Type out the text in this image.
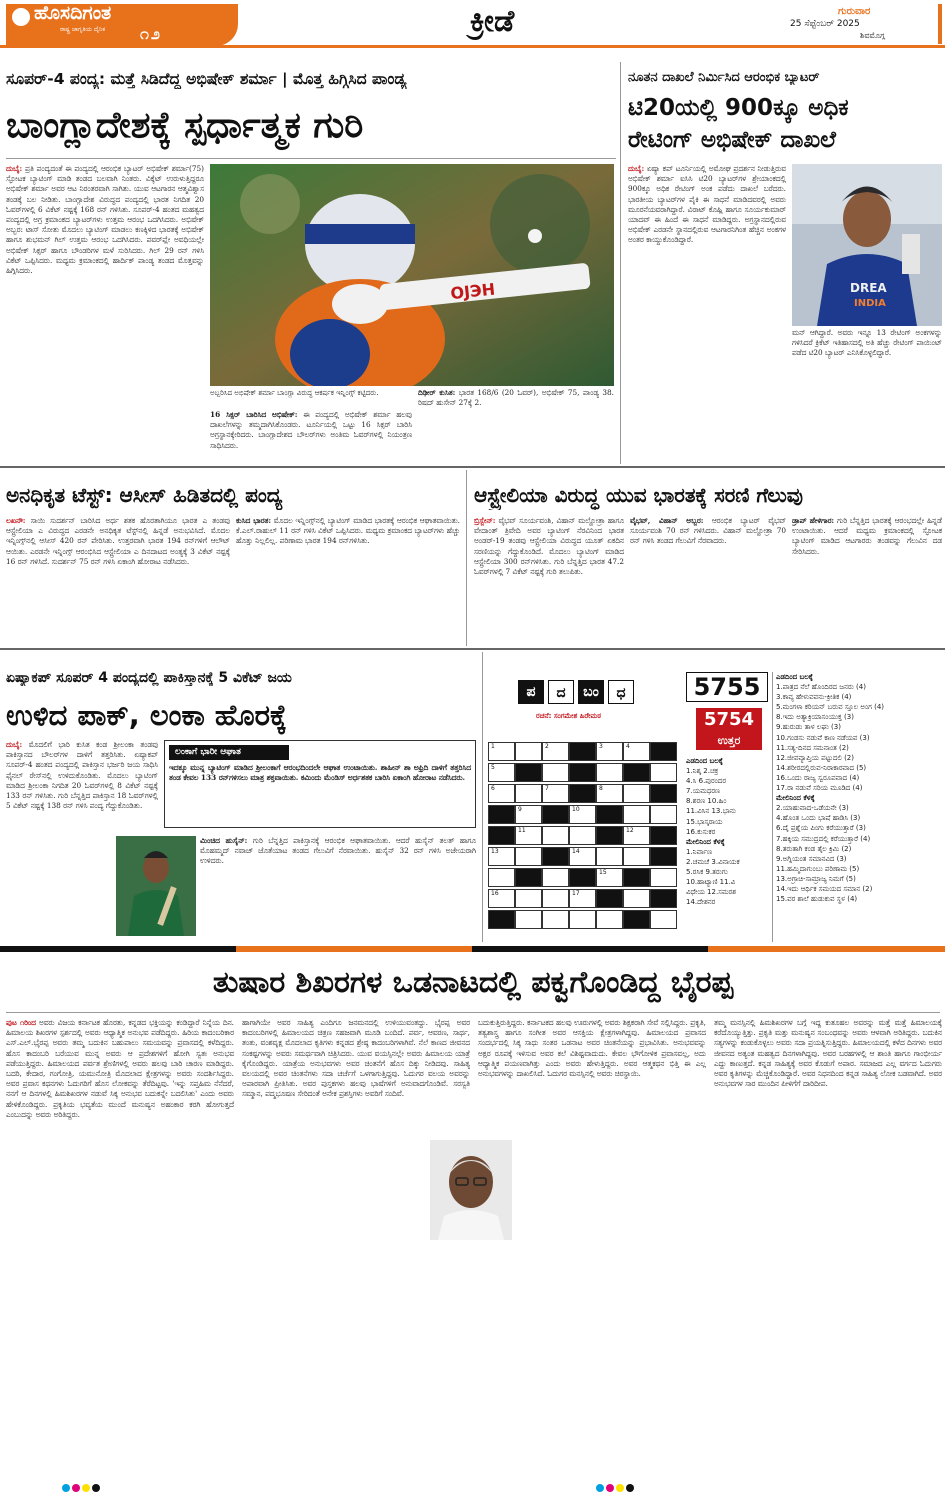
ಹೊಸದಿಗಂತ
ರಾಷ್ಟ್ರ ಜಾಗೃತಿಯ ದೈನಿಕ ೧೨	ಕ್ರೀಡೆ	ಗುರುವಾರ
25 ಸೆಪ್ಟೆಂಬರ್ 2025
ಶಿವಮೊಗ್ಗ
ಸೂಪರ್-4 ಪಂದ್ಯ: ಮತ್ತೆ ಸಿಡಿದೆದ್ದ ಅಭಿಷೇಕ್ ಶರ್ಮಾ | ಮೊತ್ತ ಹಿಗ್ಗಿಸಿದ ಪಾಂಡ್ಯ
ಬಾಂಗ್ಲಾದೇಶಕ್ಕೆ ಸ್ಪರ್ಧಾತ್ಮಕ ಗುರಿ
ದುಬೈ: ಪ್ರತಿ ಪಂದ್ಯದಂತೆ ಈ ಪಂದ್ಯದಲ್ಲಿ ಆರಂಭಿಕ ಬ್ಯಾಟರ್ ಅಭಿಷೇಕ್ ಶರ್ಮಾ(75) ಸ್ಫೋಟಕ ಬ್ಯಾಟಿಂಗ್ ಮಾಡಿ ತಂಡದ ಬಲವಾಗಿ ನಿಂತರು. ವಿಕ್ಕೆಟ್ ಉರುಳುತ್ತಿದ್ದರೂ ಅಭಿಷೇಕ್ ಶರ್ಮಾ ಅವರ ಆಟ ನಿರಂತರವಾಗಿ ಸಾಗಿತು. ಯುವ ಆಟಗಾರನ ಆತ್ಮವಿಶ್ವಾಸ ತಂಡಕ್ಕೆ ಬಲ ನೀಡಿತು. ಬಾಂಗ್ಲಾದೇಶ ವಿರುದ್ಧದ ಪಂದ್ಯದಲ್ಲಿ ಭಾರತ ನಿಗದಿತ 20 ಓವರ್‌ಗಳಲ್ಲಿ 6 ವಿಕೆಟ್ ನಷ್ಟಕ್ಕೆ 168 ರನ್ ಗಳಿಸಿತು. ಸೂಪರ್-4 ಹಂತದ ಮಹತ್ವದ ಪಂದ್ಯದಲ್ಲಿ ಅಗ್ರ ಕ್ರಮಾಂಕದ ಬ್ಯಾಟರ್‌ಗಳು ಉತ್ತಮ ಆರಂಭ ಒದಗಿಸಿದರು. ಅಭಿಷೇಕ್ ಅಬ್ಬರ: ಟಾಸ್ ಸೋತು ಮೊದಲು ಬ್ಯಾಟಿಂಗ್ ಮಾಡಲು ಕಣಕ್ಕಿಳಿದ ಭಾರತಕ್ಕೆ ಅಭಿಷೇಕ್ ಹಾಗೂ ಶುಭಮನ್ ಗಿಲ್ ಉತ್ತಮ ಆರಂಭ ಒದಗಿಸಿದರು. ಪವರ್‌ಪ್ಲೇ ಅವಧಿಯಲ್ಲೇ ಅಭಿಷೇಕ್ ಸಿಕ್ಸರ್ ಹಾಗೂ ಬೌಂಡರಿಗಳ ಮಳೆ ಸುರಿಸಿದರು. ಗಿಲ್ 29 ರನ್ ಗಳಿಸಿ ವಿಕೆಟ್ ಒಪ್ಪಿಸಿದರು. ಮಧ್ಯಮ ಕ್ರಮಾಂಕದಲ್ಲಿ ಹಾರ್ದಿಕ್ ಪಾಂಡ್ಯ ತಂಡದ ಮೊತ್ತವನ್ನು ಹಿಗ್ಗಿಸಿದರು.
OJЭH
ಅಬ್ಬರಿಸಿದ ಅಭಿಷೇಕ್ ಶರ್ಮಾ ಬಾಂಗ್ಲಾ ವಿರುದ್ಧ ಆಕರ್ಷಕ ಇನ್ನಿಂಗ್ಸ್ ಕಟ್ಟಿದರು.
16 ಸಿಕ್ಸರ್ ಬಾರಿಸಿದ ಅಭಿಷೇಕ್: ಈ ಪಂದ್ಯದಲ್ಲಿ ಅಭಿಷೇಕ್ ಶರ್ಮಾ ಹಲವು ದಾಖಲೆಗಳನ್ನು ತಮ್ಮದಾಗಿಸಿಕೊಂಡರು. ಟೂರ್ನಿಯಲ್ಲಿ ಒಟ್ಟು 16 ಸಿಕ್ಸರ್ ಬಾರಿಸಿ ಅಗ್ರಸ್ಥಾನಕ್ಕೇರಿದರು. ಬಾಂಗ್ಲಾದೇಶದ ಬೌಲರ್‌ಗಳು ಅಂತಿಮ ಓವರ್‌ಗಳಲ್ಲಿ ನಿಯಂತ್ರಣ ಸಾಧಿಸಿದರು.
ದಿಢೀರ್ ಕುಸಿತ: ಭಾರತ 168/6 (20 ಓವರ್), ಅಭಿಷೇಕ್ 75, ಪಾಂಡ್ಯ 38. ರಿಷದ್ ಹುಸೇನ್ 27ಕ್ಕೆ 2.
ನೂತನ ದಾಖಲೆ ನಿರ್ಮಿಸಿದ ಆರಂಭಿಕ ಬ್ಯಾಟರ್
ಟಿ20ಯಲ್ಲಿ 900ಕ್ಕೂ ಅಧಿಕ
ರೇಟಿಂಗ್ ಅಭಿಷೇಕ್ ದಾಖಲೆ
ದುಬೈ: ಏಷ್ಯಾ ಕಪ್ ಟೂರ್ನಿಯಲ್ಲಿ ಅಮೋಘ ಪ್ರದರ್ಶನ ನೀಡುತ್ತಿರುವ ಅಭಿಷೇಕ್ ಶರ್ಮಾ ಐಸಿಸಿ ಟಿ20 ಬ್ಯಾಟರ್‌ಗಳ ಶ್ರೇಯಾಂಕದಲ್ಲಿ 900ಕ್ಕೂ ಅಧಿಕ ರೇಟಿಂಗ್ ಅಂಕ ಪಡೆದು ದಾಖಲೆ ಬರೆದರು. ಭಾರತೀಯ ಬ್ಯಾಟರ್‌ಗಳ ಪೈಕಿ ಈ ಸಾಧನೆ ಮಾಡಿದವರಲ್ಲಿ ಅವರು ಮೂರನೆಯವರಾಗಿದ್ದಾರೆ. ವಿರಾಟ್ ಕೊಹ್ಲಿ ಹಾಗೂ ಸೂರ್ಯಕುಮಾರ್ ಯಾದವ್ ಈ ಹಿಂದೆ ಈ ಸಾಧನೆ ಮಾಡಿದ್ದರು. ಅಗ್ರಸ್ಥಾನದಲ್ಲಿರುವ ಅಭಿಷೇಕ್ ಎರಡನೇ ಸ್ಥಾನದಲ್ಲಿರುವ ಆಟಗಾರನಿಗಿಂತ ಹೆಚ್ಚಿನ ಅಂಕಗಳ ಅಂತರ ಕಾಯ್ದುಕೊಂಡಿದ್ದಾರೆ.
DREA
INDIA
ಮನ್ ಆಗಿದ್ದಾರೆ. ಅವರು ಇನ್ನೂ 13 ರೇಟಿಂಗ್ ಅಂಕಗಳನ್ನು ಗಳಿಸಿದರೆ ಕ್ರಿಕೆಟ್ ಇತಿಹಾಸದಲ್ಲಿ ಅತಿ ಹೆಚ್ಚು ರೇಟಿಂಗ್ ಪಾಯಿಂಟ್ ಪಡೆದ ಟಿ20 ಬ್ಯಾಟರ್ ಎನಿಸಿಕೊಳ್ಳಲಿದ್ದಾರೆ.
ಅನಧಿಕೃತ ಟೆಸ್ಟ್: ಆಸೀಸ್ ಹಿಡಿತದಲ್ಲಿ ಪಂದ್ಯ
ಲಖನೌ: ಸಾಯಿ ಸುದರ್ಶನ್ ಬಾರಿಸಿದ ಅರ್ಧ ಶತಕ ಹೊರತಾಗಿಯೂ ಭಾರತ ಎ ತಂಡವು ಆಸ್ಟ್ರೇಲಿಯಾ ಎ ವಿರುದ್ಧದ ಎರಡನೇ ಅನಧಿಕೃತ ಟೆಸ್ಟ್‌ನಲ್ಲಿ ಹಿನ್ನಡೆ ಅನುಭವಿಸಿದೆ. ಮೊದಲ ಇನ್ನಿಂಗ್ಸ್‌ನಲ್ಲಿ ಆಸೀಸ್ 420 ರನ್ ಪೇರಿಸಿತು. ಉತ್ತರವಾಗಿ ಭಾರತ 194 ರನ್‌ಗಳಿಗೆ ಆಲೌಟ್ ಆಯಿತು. ಎರಡನೇ ಇನ್ನಿಂಗ್ಸ್ ಆರಂಭಿಸಿದ ಆಸ್ಟ್ರೇಲಿಯಾ ಎ ದಿನದಾಟದ ಅಂತ್ಯಕ್ಕೆ 3 ವಿಕೆಟ್ ನಷ್ಟಕ್ಕೆ 16 ರನ್ ಗಳಿಸಿದೆ. ಸುದರ್ಶನ್ 75 ರನ್ ಗಳಿಸಿ ಏಕಾಂಗಿ ಹೋರಾಟ ನಡೆಸಿದರು.
ಕುಸಿದ ಭಾರತ: ಮೊದಲ ಇನ್ನಿಂಗ್ಸ್‌ನಲ್ಲಿ ಬ್ಯಾಟಿಂಗ್ ಮಾಡಿದ ಭಾರತಕ್ಕೆ ಆರಂಭಿಕ ಆಘಾತವಾಯಿತು. ಕೆ.ಎಲ್.ರಾಹುಲ್ 11 ರನ್ ಗಳಿಸಿ ವಿಕೆಟ್ ಒಪ್ಪಿಸಿದರು. ಮಧ್ಯಮ ಕ್ರಮಾಂಕದ ಬ್ಯಾಟರ್‌ಗಳು ಹೆಚ್ಚು ಹೊತ್ತು ನಿಲ್ಲಲಿಲ್ಲ. ಪರಿಣಾಮ ಭಾರತ 194 ರನ್‌ಗಳಿಸಿತು.
ಆಸ್ಟ್ರೇಲಿಯಾ ವಿರುದ್ಧ ಯುವ ಭಾರತಕ್ಕೆ ಸರಣಿ ಗೆಲುವು
ಬ್ರಿಸ್ಬೇನ್: ವೈಭವ್ ಸೂರ್ಯವಂಶಿ, ವಿಹಾನ್ ಮಲ್ಹೋತ್ರಾ ಹಾಗೂ ವೇದಾಂತ್ ತ್ರಿವೇದಿ ಅವರ ಬ್ಯಾಟಿಂಗ್ ನೆರವಿನಿಂದ ಭಾರತ ಅಂಡರ್-19 ತಂಡವು ಆಸ್ಟ್ರೇಲಿಯಾ ವಿರುದ್ಧದ ಯೂತ್ ಏಕದಿನ ಸರಣಿಯನ್ನು ಗೆದ್ದುಕೊಂಡಿದೆ. ಮೊದಲು ಬ್ಯಾಟಿಂಗ್ ಮಾಡಿದ ಆಸ್ಟ್ರೇಲಿಯಾ 300 ರನ್‌ಗಳಿಸಿತು. ಗುರಿ ಬೆನ್ನತ್ತಿದ ಭಾರತ 47.2 ಓವರ್‌ಗಳಲ್ಲಿ 7 ವಿಕೆಟ್ ನಷ್ಟಕ್ಕೆ ಗುರಿ ತಲುಪಿತು.
ವೈಭವ್, ವಿಹಾನ್ ಅಬ್ಬರ: ಆರಂಭಿಕ ಬ್ಯಾಟರ್ ವೈಭವ್ ಸೂರ್ಯವಂಶಿ 70 ರನ್ ಗಳಿಸಿದರು. ವಿಹಾನ್ ಮಲ್ಹೋತ್ರಾ 70 ರನ್ ಗಳಿಸಿ ತಂಡದ ಗೆಲುವಿಗೆ ನೆರವಾದರು.
ಡ್ರಾಪ್ ಹೇಳಿಗಾರ: ಗುರಿ ಬೆನ್ನತ್ತಿದ ಭಾರತಕ್ಕೆ ಆರಂಭದಲ್ಲೇ ಹಿನ್ನಡೆ ಉಂಟಾಯಿತು. ಆದರೆ ಮಧ್ಯಮ ಕ್ರಮಾಂಕದಲ್ಲಿ ಸ್ಫೋಟಕ ಬ್ಯಾಟಿಂಗ್ ಮಾಡಿದ ಆಟಗಾರರು ತಂಡವನ್ನು ಗೆಲುವಿನ ದಡ ಸೇರಿಸಿದರು.
ಏಷ್ಯಾಕಪ್ ಸೂಪರ್ 4 ಪಂದ್ಯದಲ್ಲಿ ಪಾಕಿಸ್ತಾನಕ್ಕೆ 5 ವಿಕೆಟ್ ಜಯ
ಉಳಿದ ಪಾಕ್, ಲಂಕಾ ಹೊರಕ್ಕೆ
ದುಬೈ: ಮೊದಲಿಗೆ ಭಾರಿ ಕುಸಿತ ಕಂಡ ಶ್ರೀಲಂಕಾ ತಂಡವು ಪಾಕಿಸ್ತಾನದ ಬೌಲರ್‌ಗಳ ದಾಳಿಗೆ ತತ್ತರಿಸಿತು. ಏಷ್ಯಾಕಪ್ ಸೂಪರ್-4 ಹಂತದ ಪಂದ್ಯದಲ್ಲಿ ಪಾಕಿಸ್ತಾನ ಭರ್ಜರಿ ಜಯ ಸಾಧಿಸಿ ಫೈನಲ್ ರೇಸ್‌ನಲ್ಲಿ ಉಳಿದುಕೊಂಡಿತು. ಮೊದಲು ಬ್ಯಾಟಿಂಗ್ ಮಾಡಿದ ಶ್ರೀಲಂಕಾ ನಿಗದಿತ 20 ಓವರ್‌ಗಳಲ್ಲಿ 8 ವಿಕೆಟ್ ನಷ್ಟಕ್ಕೆ 133 ರನ್ ಗಳಿಸಿತು. ಗುರಿ ಬೆನ್ನತ್ತಿದ ಪಾಕಿಸ್ತಾನ 18 ಓವರ್‌ಗಳಲ್ಲಿ 5 ವಿಕೆಟ್ ನಷ್ಟಕ್ಕೆ 138 ರನ್ ಗಳಿಸಿ ಪಂದ್ಯ ಗೆದ್ದುಕೊಂಡಿತು.
ಲಂಕಾಗೆ ಭಾರೀ ಆಘಾತ
ಇದಕ್ಕೂ ಮುನ್ನ ಬ್ಯಾಟಿಂಗ್ ಮಾಡಿದ ಶ್ರೀಲಂಕಾಗೆ ಆರಂಭದಿಂದಲೇ ಆಘಾತ ಉಂಟಾಯಿತು. ಶಾಹೀನ್ ಶಾ ಅಫ್ರಿದಿ ದಾಳಿಗೆ ತತ್ತರಿಸಿದ ತಂಡ ಕೇವಲ 133 ರನ್‌ಗಳಿಸಲು ಮಾತ್ರ ಶಕ್ತವಾಯಿತು. ಕಮಿಂದು ಮೆಂಡಿಸ್ ಅರ್ಧಶತಕ ಬಾರಿಸಿ ಏಕಾಂಗಿ ಹೋರಾಟ ನಡೆಸಿದರು.
ಮಿಂಚಿದ ಹುಸೈನ್: ಗುರಿ ಬೆನ್ನತ್ತಿದ ಪಾಕಿಸ್ತಾನಕ್ಕೆ ಆರಂಭಿಕ ಆಘಾತವಾಯಿತು. ಆದರೆ ಹುಸೈನ್ ತಲತ್ ಹಾಗೂ ಮೊಹಮ್ಮದ್ ನವಾಜ್ ಜೊತೆಯಾಟ ತಂಡದ ಗೆಲುವಿಗೆ ನೆರವಾಯಿತು. ಹುಸೈನ್ 32 ರನ್ ಗಳಿಸಿ ಅಜೇಯರಾಗಿ ಉಳಿದರು.
ಪ	ದ	ಬಂ	ಧ
ರಚನೆ: ಸಂಗಮೇಶ ಹಿರೇಮಠ
5755
5754
ಉತ್ತರ
1	2	3	4
5
6	7	8
9	10
11	12
13	14
15
16	17
ಎಡದಿಂದ ಬಲಕ್ಕೆ
1.ನಿಶ್ಕ 2.ಚಕ್ರ
4.ಸಿ 6.ಪುರಂದರ
7.ಯಮಧರಣ
8.ಶರಣ 10.ಹಿಂ
11.ವಿಸಿನ 13.ಭಾನು
15.ಭಾಸ್ಕರಾಯ
16.ಕುಸುಕರ
ಮೇಲಿನಿಂದ ಕೆಳಕ್ಕೆ
1.ನಿರ್ವಾಣ
2.ಚಮಚೆ 3.ವಿನಾಯಕ
5.ರಸಿಕ 9.ತರುಗು
10.ಹಾಟ್ಯಾಣಿ 11.ವಿ
ವಿಧೇಯ 12.ಸಮರಶ
14.ದೇಶನರ
ಎಡದಿಂದ ಬಲಕ್ಕೆ
1.ಪಾತ್ರದ ನೆಲೆ ಹೊಂದಿರದ ಜನರು (4)
3.ಕಾವ್ಯ ಹೇಳುವವನು-ಕ್ರೀತಿಕ (4)
5.ಮಂಗಳಾ ಕರಿಯನ್ ಬರುವ ಸ್ತೂಲ ಅಂಗ (4)
8.ಇದು ಅತ್ಯಾಕ್ರಿಯಾಸಂಯುಕ್ತ (3)
9.ಹುರುಡು ತಾಳ ಲಘು (3)
10.ಗಂಡಸು ನಡುವೆ ಕಾಣ ನಡೆಯವ (3)
11.ಸತ್ಯ-ದಿನದ ಸಮನಾಂತ (2)
12.ಜೀವವ್ಯಾಪ್ತಿಯ ಪಟ್ಟುದಲಿ (2)
14.ಶರೀರದಲ್ಲಿರುವ-ನಿರಾಕಾರವಾದ (5)
16.ಒಂದು ರಾಜ್ಯ ಸ್ವರೂಪವಾದ (4)
17.ರಾ ನಡುವೆ ಸರಿಯ ಮೂಡಿದ (4)
ಮೇಲಿನಿಂದ ಕೆಳಕ್ಕೆ
2.ಯಾಹುವಾದ-ಒಡೆಯನೇ (3)
4.ಹೊಂತ ಒಂದು ಭಾಷೆ ಹಾಡಿಸಿ (3)
6.ದೈ ಪ್ರಶ್ನೆಯ ಪಿಂಗು ಕರೆಯುತ್ತಾರೆ (3)
7.ಹಕ್ಕಿಯ ಸಮುದ್ರದಲ್ಲಿ ಕರೆಯುತ್ತಾರೆ (4)
8.ತರುತಾಗಿ ಕಂಡ ತೈಲ ಕ್ರಿಮಿ (2)
9.ಅಗ್ನಿಯಂತ ಸಮಾನವಿದ (3)
11.ಹಮ್ಮಿದಾಗುಂಬು ಪರಿಣಾಮ (5)
13.ಅಗ್ರಾಚಿ-ಸಾಮ್ರಾಜ್ಯ ನಿಮಗೆ (5)
14.ಇದು ಆರ್ಥಿಕ ಸಮಯದ ಸಮಾನ (2)
15.ವರ ಶಾಲೆ ಹುಡುಕುವ ಸ್ಥಳ (4)
ತುಷಾರ ಶಿಖರಗಳ ಒಡನಾಟದಲ್ಲಿ ಪಕ್ವಗೊಂಡಿದ್ದ ಭೈರಪ್ಪ
ಪುಟ ೧ರಿಂದ ಅವರು ವಿಜಯ ಕರ್ನಾಟಕ ಹೊರತು, ಕನ್ನಡದ ಭಕ್ತಿಯನ್ನು ಕಂಡಿದ್ದಾರೆ ನಿನ್ನೆಯ ದಿನ. ಹಿಮಾಲಯ ಶಿಖರಗಳ ಸ್ಪರ್ಶದಲ್ಲಿ ಅವರು ಆಧ್ಯಾತ್ಮಿಕ ಅನುಭವ ಪಡೆದಿದ್ದರು. ಹಿರಿಯ ಕಾದಂಬರಿಕಾರ ಎಸ್.ಎಲ್.ಭೈರಪ್ಪ ಅವರು ತಮ್ಮ ಬದುಕಿನ ಬಹುಪಾಲು ಸಮಯವನ್ನು ಪ್ರವಾಸದಲ್ಲಿ ಕಳೆದಿದ್ದರು. ಹೊಸ ಕಾದಂಬರಿ ಬರೆಯುವ ಮುನ್ನ ಅವರು ಆ ಪ್ರದೇಶಗಳಿಗೆ ಹೋಗಿ ಸ್ವತಃ ಅನುಭವ ಪಡೆಯುತ್ತಿದ್ದರು. ಹಿಮಾಲಯದ ಪರ್ವತ ಶ್ರೇಣಿಗಳಲ್ಲಿ ಅವರು ಹಲವು ಬಾರಿ ಚಾರಣ ಮಾಡಿದ್ದರು. ಬದರಿ, ಕೇದಾರ, ಗಂಗೋತ್ರಿ, ಯಮುನೋತ್ರಿ ಮೊದಲಾದ ಕ್ಷೇತ್ರಗಳನ್ನು ಅವರು ಸಂದರ್ಶಿಸಿದ್ದರು. ಅವರ ಪ್ರವಾಸ ಕಥನಗಳು ಓದುಗರಿಗೆ ಹೊಸ ಲೋಕವನ್ನು ತೆರೆದಿಟ್ಟವು. 'ಇನ್ನು ಸಪ್ತಹಿಮ ನೆನೆದರೆ, ನನಗೆ ಆ ದಿನಗಳಲ್ಲಿ ಹಿಮಶಿಖರಗಳ ನಡುವೆ ಸಿಕ್ಕ ಅನುಭವ ಬದುಕನ್ನೇ ಬದಲಿಸಿತು' ಎಂದು ಅವರು ಹೇಳಿಕೊಂಡಿದ್ದರು. ಪ್ರಕೃತಿಯ ಭವ್ಯತೆಯ ಮುಂದೆ ಮನುಷ್ಯನ ಅಹಂಕಾರ ಕರಗಿ ಹೋಗುತ್ತದೆ ಎಂಬುದನ್ನು ಅವರು ಅರಿತಿದ್ದರು.
ಹಾಗಾಗಿಯೇ ಅವರ ಸಾಹಿತ್ಯ ಎಂದಿಗೂ ಜನಮನದಲ್ಲಿ ಉಳಿಯುವಂತದ್ದು. ಭೈರಪ್ಪ ಅವರ ಕಾದಂಬರಿಗಳಲ್ಲಿ ಹಿಮಾಲಯದ ಚಿತ್ರಣ ಸಹಜವಾಗಿ ಮೂಡಿ ಬಂದಿದೆ. ಪರ್ವ, ಆವರಣ, ಸಾರ್ಥ, ತಂತು, ವಂಶವೃಕ್ಷ ಮೊದಲಾದ ಕೃತಿಗಳು ಕನ್ನಡದ ಶ್ರೇಷ್ಠ ಕಾದಂಬರಿಗಳಾಗಿವೆ. ನೆಲೆ ಕಾಣದ ಜೀವನದ ಸಂಕಷ್ಟಗಳನ್ನು ಅವರು ಸಮರ್ಥವಾಗಿ ಚಿತ್ರಿಸಿದರು. ಯುವ ವಯಸ್ಸಿನಲ್ಲೇ ಅವರು ಹಿಮಾಲಯ ಯಾತ್ರೆ ಕೈಗೊಂಡಿದ್ದರು. ಯಾತ್ರೆಯ ಅನುಭವಗಳು ಅವರ ಚಿಂತನೆಗೆ ಹೊಸ ದಿಕ್ಕು ನೀಡಿದವು. ಸಾಹಿತ್ಯ ವಲಯದಲ್ಲಿ ಅವರ ಚಿಂತನೆಗಳು ಸದಾ ಚರ್ಚೆಗೆ ಒಳಗಾಗುತ್ತಿದ್ದವು. ಓದುಗರ ವಲಯ ಅವರನ್ನು ಅಪಾರವಾಗಿ ಪ್ರೀತಿಸಿತು. ಅವರ ಪುಸ್ತಕಗಳು ಹಲವು ಭಾಷೆಗಳಿಗೆ ಅನುವಾದಗೊಂಡಿವೆ. ಸರಸ್ವತಿ ಸಮ್ಮಾನ, ಪದ್ಮಭೂಷಣ ಸೇರಿದಂತೆ ಅನೇಕ ಪ್ರಶಸ್ತಿಗಳು ಅವರಿಗೆ ಸಂದಿವೆ.
ಬದುಕುತ್ತಿರುತ್ತಿದ್ದರು. ಕರ್ನಾಟಕದ ಹಲವು ಊರುಗಳಲ್ಲಿ ಅವರು ಶಿಕ್ಷಕರಾಗಿ ಸೇವೆ ಸಲ್ಲಿಸಿದ್ದರು. ಪ್ರಕೃತಿ, ತತ್ವಶಾಸ್ತ್ರ ಹಾಗೂ ಸಂಗೀತ ಅವರ ಆಸಕ್ತಿಯ ಕ್ಷೇತ್ರಗಳಾಗಿದ್ದವು. ಹಿಮಾಲಯದ ಪ್ರವಾಸದ ಸಂದರ್ಭದಲ್ಲಿ ಸಿಕ್ಕ ಸಾಧು ಸಂತರ ಒಡನಾಟ ಅವರ ಚಿಂತನೆಯನ್ನು ಪ್ರಭಾವಿಸಿತು. ಅನುಭವವನ್ನು ಅಕ್ಷರ ರೂಪಕ್ಕೆ ಇಳಿಸುವ ಅವರ ಕಲೆ ವಿಶಿಷ್ಟವಾದುದು. ಕೇವಲ ಭೌಗೋಳಿಕ ಪ್ರವಾಸವಲ್ಲ, ಅದು ಆಧ್ಯಾತ್ಮಿಕ ಪಯಣವಾಗಿತ್ತು ಎಂದು ಅವರು ಹೇಳುತ್ತಿದ್ದರು. ಅವರ ಆತ್ಮಕಥನ ಭಿತ್ತಿ ಈ ಎಲ್ಲ ಅನುಭವಗಳನ್ನು ದಾಖಲಿಸಿದೆ. ಓದುಗರ ಮನಸ್ಸಿನಲ್ಲಿ ಅವರು ಚಿರಸ್ಥಾಯಿ.
ತಮ್ಮ ಮನಸ್ಸಿನಲ್ಲಿ ಹಿಮಶಿಖರಗಳ ಬಗ್ಗೆ ಇದ್ದ ಕುತೂಹಲ ಅವರನ್ನು ಮತ್ತೆ ಮತ್ತೆ ಹಿಮಾಲಯಕ್ಕೆ ಕರೆದೊಯ್ಯುತ್ತಿತ್ತು. ಪ್ರಕೃತಿ ಮತ್ತು ಮನುಷ್ಯನ ಸಂಬಂಧವನ್ನು ಅವರು ಆಳವಾಗಿ ಅರಿತಿದ್ದರು. ಬದುಕಿನ ಸತ್ಯಗಳನ್ನು ಕಂಡುಕೊಳ್ಳಲು ಅವರು ಸದಾ ಪ್ರಯತ್ನಿಸುತ್ತಿದ್ದರು. ಹಿಮಾಲಯದಲ್ಲಿ ಕಳೆದ ದಿನಗಳು ಅವರ ಜೀವನದ ಅತ್ಯಂತ ಮಹತ್ವದ ದಿನಗಳಾಗಿದ್ದವು. ಅವರ ಬರಹಗಳಲ್ಲಿ ಆ ಶಾಂತಿ ಹಾಗೂ ಗಾಂಭೀರ್ಯ ಎದ್ದು ಕಾಣುತ್ತದೆ. ಕನ್ನಡ ಸಾಹಿತ್ಯಕ್ಕೆ ಅವರ ಕೊಡುಗೆ ಅಪಾರ. ಸಮಾಜದ ಎಲ್ಲ ವರ್ಗದ ಓದುಗರು ಅವರ ಕೃತಿಗಳನ್ನು ಮೆಚ್ಚಿಕೊಂಡಿದ್ದಾರೆ. ಅವರ ನಿಧನದಿಂದ ಕನ್ನಡ ಸಾಹಿತ್ಯ ಲೋಕ ಬಡವಾಗಿದೆ. ಅವರ ಅನುಭವಗಳ ಸಾರ ಮುಂದಿನ ಪೀಳಿಗೆಗೆ ದಾರಿದೀಪ.
